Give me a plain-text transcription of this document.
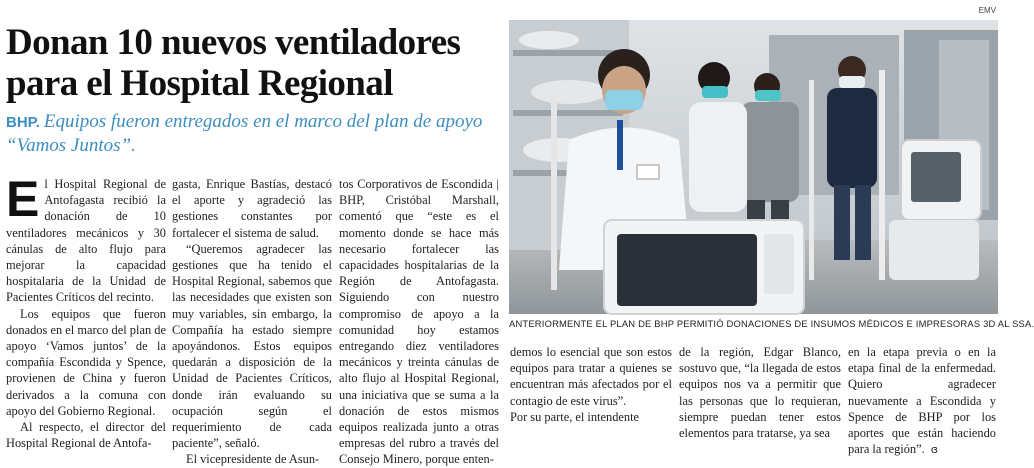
EMV
Donan 10 nuevos ventiladores para el Hospital Regional
BHP. Equipos fueron entregados en el marco del plan de apoyo “Vamos Juntos”.

El Hospital Regional de Antofagasta recibió la donación de 10 ventiladores mecánicos y 30 cánulas de alto flujo para mejorar la capacidad hospitalaria de la Unidad de Pacientes Críticos del recinto.

Los equipos que fueron donados en el marco del plan de apoyo ‘Vamos juntos’ de la compañía Escondida y Spence, provienen de China y fueron derivados a la comuna con apoyo del Gobierno Regional.

Al respecto, el director del Hospital Regional de Antofa-

gasta, Enrique Bastías, destacó el aporte y agradeció las gestiones constantes por fortalecer el sistema de salud.

“Queremos agradecer las gestiones que ha tenido el Hospital Regional, sabemos que las necesidades que existen son muy variables, sin embargo, la Compañía ha estado siempre apoyándonos. Estos equipos quedarán a disposición de la Unidad de Pacientes Críticos, donde irán evaluando su ocupación según el requerimiento de cada paciente”, señaló.

El vicepresidente de Asun-

tos Corporativos de Escondida | BHP, Cristóbal Marshall, comentó que “este es el momento donde se hace más necesario fortalecer las capacidades hospitalarias de la Región de Antofagasta. Siguiendo con nuestro compromiso de apoyo a la comunidad hoy estamos entregando diez ventiladores mecánicos y treinta cánulas de alto flujo al Hospital Regional, una iniciativa que se suma a la donación de estos mismos equipos realizada junto a otras empresas del rubro a través del Consejo Minero, porque enten-

ANTERIORMENTE EL PLAN DE BHP PERMITIÓ DONACIONES DE INSUMOS MÉDICOS E IMPRESORAS 3D AL SSA.

demos lo esencial que son estos equipos para tratar a quienes se encuentran más afectados por el contagio de este virus”.

Por su parte, el intendente

de la región, Edgar Blanco, sostuvo que, “la llegada de estos equipos nos va a permitir que las personas que lo requieran, siempre puedan tener estos elementos para tratarse, ya sea

en la etapa previa o en la etapa final de la enfermedad. Quiero agradecer nuevamente a Escondida y Spence de BHP por los aportes que están haciendo para la región”. ɞ
